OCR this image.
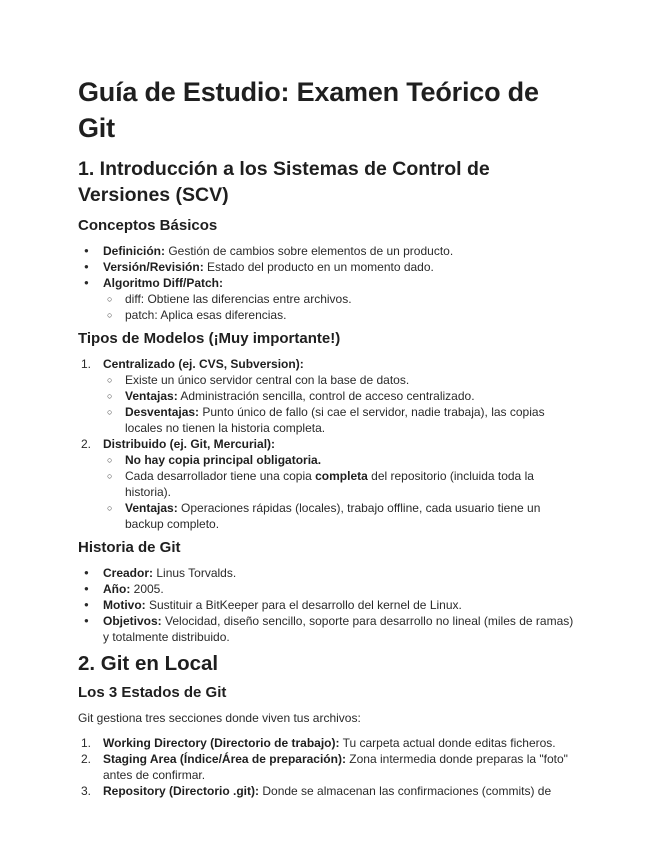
Guía de Estudio: Examen Teórico de Git
1. Introducción a los Sistemas de Control de Versiones (SCV)
Conceptos Básicos
● Definición: Gestión de cambios sobre elementos de un producto.
● Versión/Revisión: Estado del producto en un momento dado.
● Algoritmo Diff/Patch:
○ diff: Obtiene las diferencias entre archivos.
○ patch: Aplica esas diferencias.
Tipos de Modelos (¡Muy importante!)
1. Centralizado (ej. CVS, Subversion):
○ Existe un único servidor central con la base de datos.
○ Ventajas: Administración sencilla, control de acceso centralizado.
○ Desventajas: Punto único de fallo (si cae el servidor, nadie trabaja), las copias locales no tienen la historia completa.
2. Distribuido (ej. Git, Mercurial):
○ No hay copia principal obligatoria.
○ Cada desarrollador tiene una copia completa del repositorio (incluida toda la historia).
○ Ventajas: Operaciones rápidas (locales), trabajo offline, cada usuario tiene un backup completo.
Historia de Git
● Creador: Linus Torvalds.
● Año: 2005.
● Motivo: Sustituir a BitKeeper para el desarrollo del kernel de Linux.
● Objetivos: Velocidad, diseño sencillo, soporte para desarrollo no lineal (miles de ramas) y totalmente distribuido.
2. Git en Local
Los 3 Estados de Git

Git gestiona tres secciones donde viven tus archivos:

1. Working Directory (Directorio de trabajo): Tu carpeta actual donde editas ficheros.
2. Staging Area (Índice/Área de preparación): Zona intermedia donde preparas la "foto" antes de confirmar.
3. Repository (Directorio .git): Donde se almacenan las confirmaciones (commits) de
